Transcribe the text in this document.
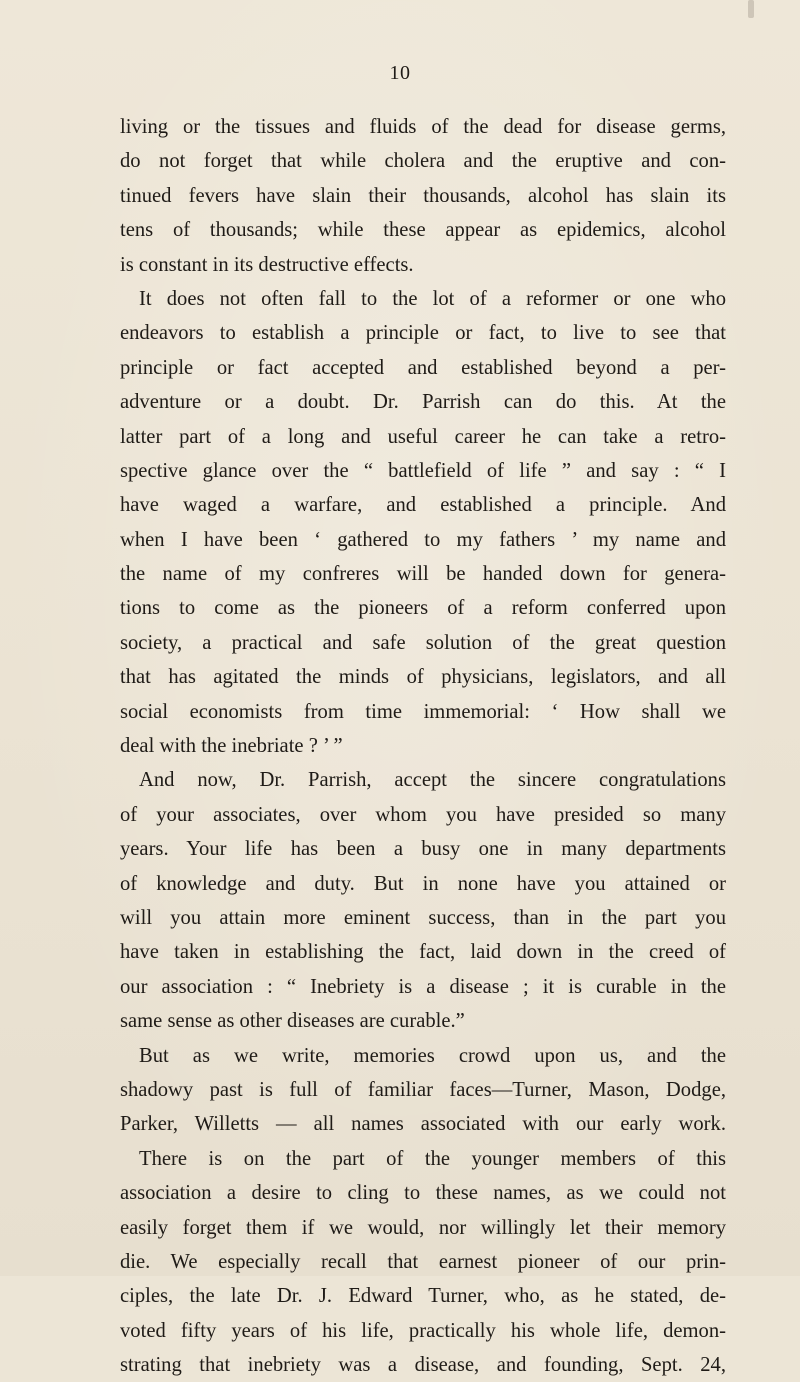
10
living or the tissues and fluids of the dead for disease germs,
do not forget that while cholera and the eruptive and con-
tinued fevers have slain their thousands, alcohol has slain its
tens of thousands; while these appear as epidemics, alcohol
is constant in its destructive effects.
It does not often fall to the lot of a reformer or one who
endeavors to establish a principle or fact, to live to see that
principle or fact accepted and established beyond a per-
adventure or a doubt. Dr. Parrish can do this. At the
latter part of a long and useful career he can take a retro-
spective glance over the “ battlefield of life ” and say : “ I
have waged a warfare, and established a principle. And
when I have been ‘ gathered to my fathers ’ my name and
the name of my confreres will be handed down for genera-
tions to come as the pioneers of a reform conferred upon
society, a practical and safe solution of the great question
that has agitated the minds of physicians, legislators, and all
social economists from time immemorial: ‘ How shall we
deal with the inebriate ? ’ ”
And now, Dr. Parrish, accept the sincere congratulations
of your associates, over whom you have presided so many
years. Your life has been a busy one in many departments
of knowledge and duty. But in none have you attained or
will you attain more eminent success, than in the part you
have taken in establishing the fact, laid down in the creed of
our association : “ Inebriety is a disease ; it is curable in the
same sense as other diseases are curable.”
But as we write, memories crowd upon us, and the
shadowy past is full of familiar faces—Turner, Mason, Dodge,
Parker, Willetts — all names associated with our early work.
There is on the part of the younger members of this
association a desire to cling to these names, as we could not
easily forget them if we would, nor willingly let their memory
die. We especially recall that earnest pioneer of our prin-
ciples, the late Dr. J. Edward Turner, who, as he stated, de-
voted fifty years of his life, practically his whole life, demon-
strating that inebriety was a disease, and founding, Sept. 24,
